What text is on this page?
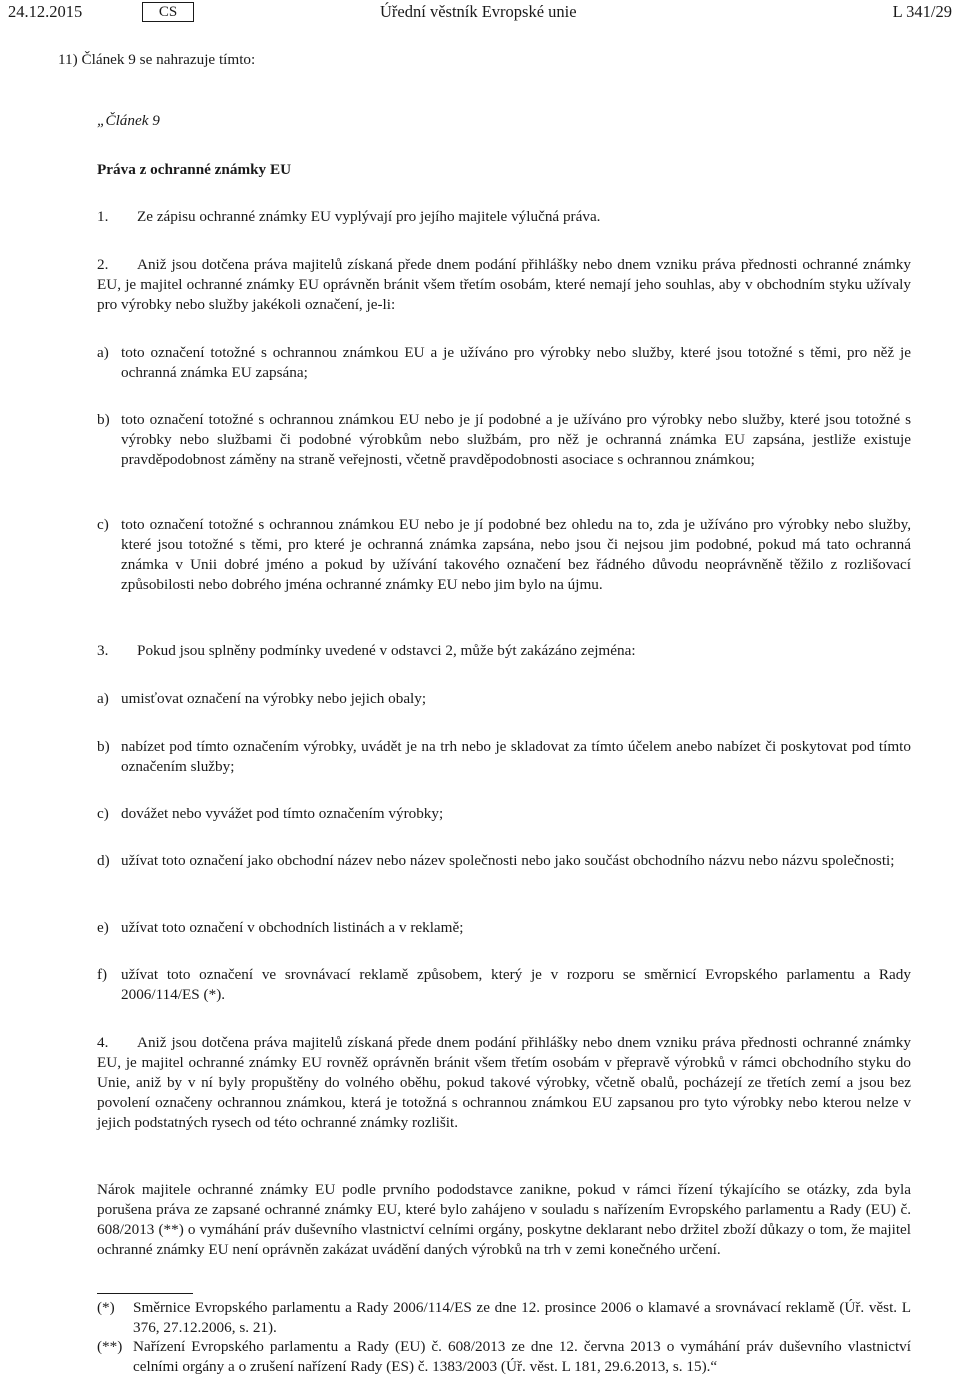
24.12.2015	CS	Úřední věstník Evropské unie	L 341/29
11) Článek 9 se nahrazuje tímto:
„Článek 9
Práva z ochranné známky EU
1. Ze zápisu ochranné známky EU vyplývají pro jejího majitele výlučná práva.
2. Aniž jsou dotčena práva majitelů získaná přede dnem podání přihlášky nebo dnem vzniku práva přednosti ochranné známky EU, je majitel ochranné známky EU oprávněn bránit všem třetím osobám, které nemají jeho souhlas, aby v obchodním styku užívaly pro výrobky nebo služby jakékoli označení, je-li:
a) toto označení totožné s ochrannou známkou EU a je užíváno pro výrobky nebo služby, které jsou totožné s těmi, pro něž je ochranná známka EU zapsána;
b) toto označení totožné s ochrannou známkou EU nebo je jí podobné a je užíváno pro výrobky nebo služby, které jsou totožné s výrobky nebo službami či podobné výrobkům nebo službám, pro něž je ochranná známka EU zapsána, jestliže existuje pravděpodobnost záměny na straně veřejnosti, včetně pravděpodobnosti asociace s ochrannou známkou;
c) toto označení totožné s ochrannou známkou EU nebo je jí podobné bez ohledu na to, zda je užíváno pro výrobky nebo služby, které jsou totožné s těmi, pro které je ochranná známka zapsána, nebo jsou či nejsou jim podobné, pokud má tato ochranná známka v Unii dobré jméno a pokud by užívání takového označení bez řádného důvodu neoprávněně těžilo z rozlišovací způsobilosti nebo dobrého jména ochranné známky EU nebo jim bylo na újmu.
3. Pokud jsou splněny podmínky uvedené v odstavci 2, může být zakázáno zejména:
a) umisťovat označení na výrobky nebo jejich obaly;
b) nabízet pod tímto označením výrobky, uvádět je na trh nebo je skladovat za tímto účelem anebo nabízet či poskytovat pod tímto označením služby;
c) dovážet nebo vyvážet pod tímto označením výrobky;
d) užívat toto označení jako obchodní název nebo název společnosti nebo jako součást obchodního názvu nebo názvu společnosti;
e) užívat toto označení v obchodních listinách a v reklamě;
f) užívat toto označení ve srovnávací reklamě způsobem, který je v rozporu se směrnicí Evropského parlamentu a Rady 2006/114/ES (*).
4. Aniž jsou dotčena práva majitelů získaná přede dnem podání přihlášky nebo dnem vzniku práva přednosti ochranné známky EU, je majitel ochranné známky EU rovněž oprávněn bránit všem třetím osobám v přepravě výrobků v rámci obchodního styku do Unie, aniž by v ní byly propuštěny do volného oběhu, pokud takové výrobky, včetně obalů, pocházejí ze třetích zemí a jsou bez povolení označeny ochrannou známkou, která je totožná s ochrannou známkou EU zapsanou pro tyto výrobky nebo kterou nelze v jejich podstatných rysech od této ochranné známky rozlišit.
Nárok majitele ochranné známky EU podle prvního pododstavce zanikne, pokud v rámci řízení týkajícího se otázky, zda byla porušena práva ze zapsané ochranné známky EU, které bylo zahájeno v souladu s nařízením Evropského parlamentu a Rady (EU) č. 608/2013 (**) o vymáhání práv duševního vlastnictví celními orgány, poskytne deklarant nebo držitel zboží důkazy o tom, že majitel ochranné známky EU není oprávněn zakázat uvádění daných výrobků na trh v zemi konečného určení.
(*) Směrnice Evropského parlamentu a Rady 2006/114/ES ze dne 12. prosince 2006 o klamavé a srovnávací reklamě (Úř. věst. L 376, 27.12.2006, s. 21).
(**) Nařízení Evropského parlamentu a Rady (EU) č. 608/2013 ze dne 12. června 2013 o vymáhání práv duševního vlastnictví celními orgány a o zrušení nařízení Rady (ES) č. 1383/2003 (Úř. věst. L 181, 29.6.2013, s. 15).“
